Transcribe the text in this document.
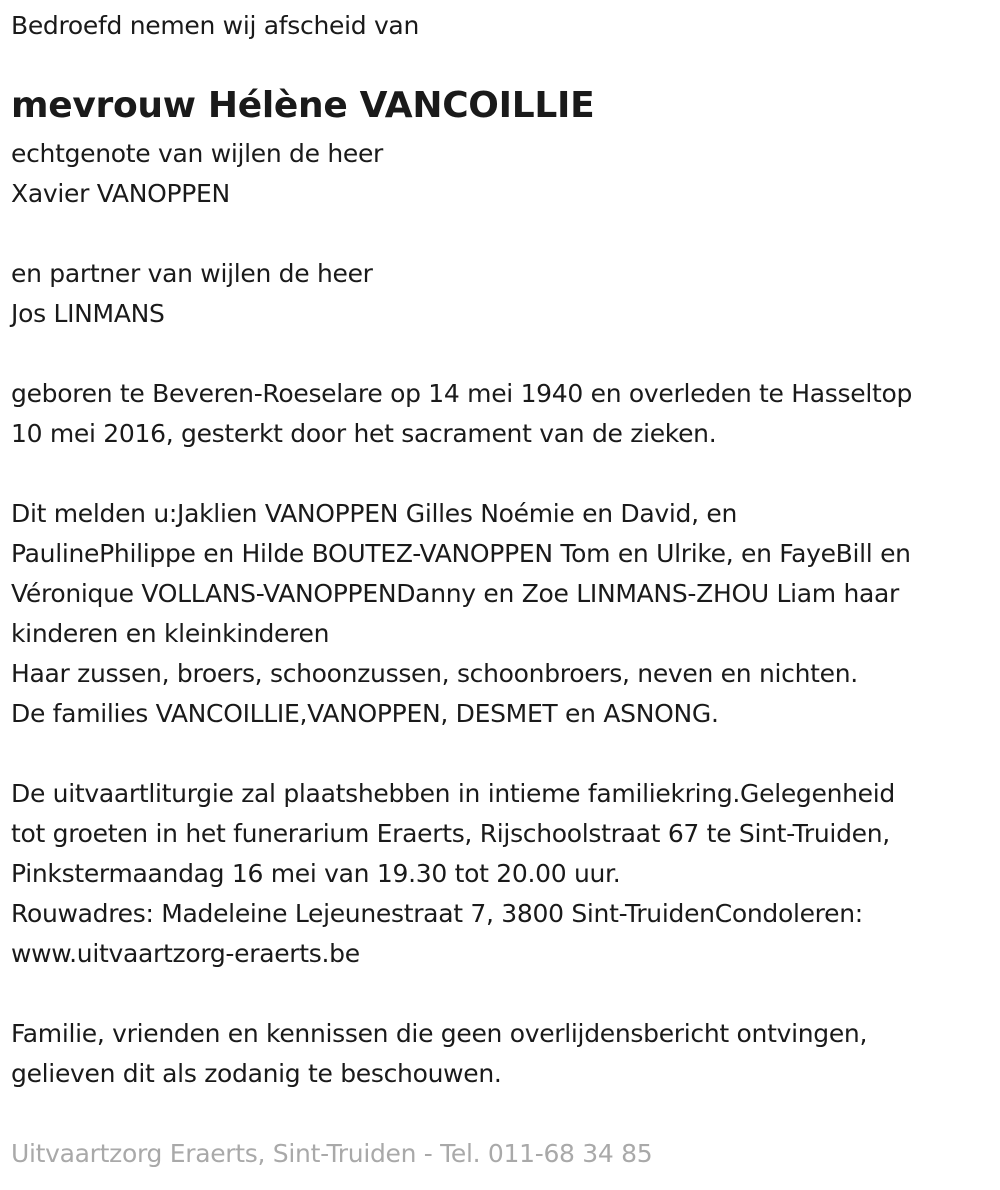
Bedroefd nemen wij afscheid van
mevrouw Hélène VANCOILLIE
echtgenote van wijlen de heer
Xavier VANOPPEN
en partner van wijlen de heer
Jos LINMANS
geboren te Beveren-Roeselare op 14 mei 1940 en overleden te Hasseltop
10 mei 2016, gesterkt door het sacrament van de zieken.
Dit melden u:Jaklien VANOPPEN Gilles Noémie en David, en
PaulinePhilippe en Hilde BOUTEZ-VANOPPEN Tom en Ulrike, en FayeBill en
Véronique VOLLANS-VANOPPENDanny en Zoe LINMANS-ZHOU Liam haar
kinderen en kleinkinderen
Haar zussen, broers, schoonzussen, schoonbroers, neven en nichten.
De families VANCOILLIE,VANOPPEN, DESMET en ASNONG.
De uitvaartliturgie zal plaatshebben in intieme familiekring.Gelegenheid
tot groeten in het funerarium Eraerts, Rijschoolstraat 67 te Sint-Truiden,
Pinkstermaandag 16 mei van 19.30 tot 20.00 uur.
Rouwadres: Madeleine Lejeunestraat 7, 3800 Sint-TruidenCondoleren:
www.uitvaartzorg-eraerts.be
Familie, vrienden en kennissen die geen overlijdensbericht ontvingen,
gelieven dit als zodanig te beschouwen.
Uitvaartzorg Eraerts, Sint-Truiden - Tel. 011-68 34 85
